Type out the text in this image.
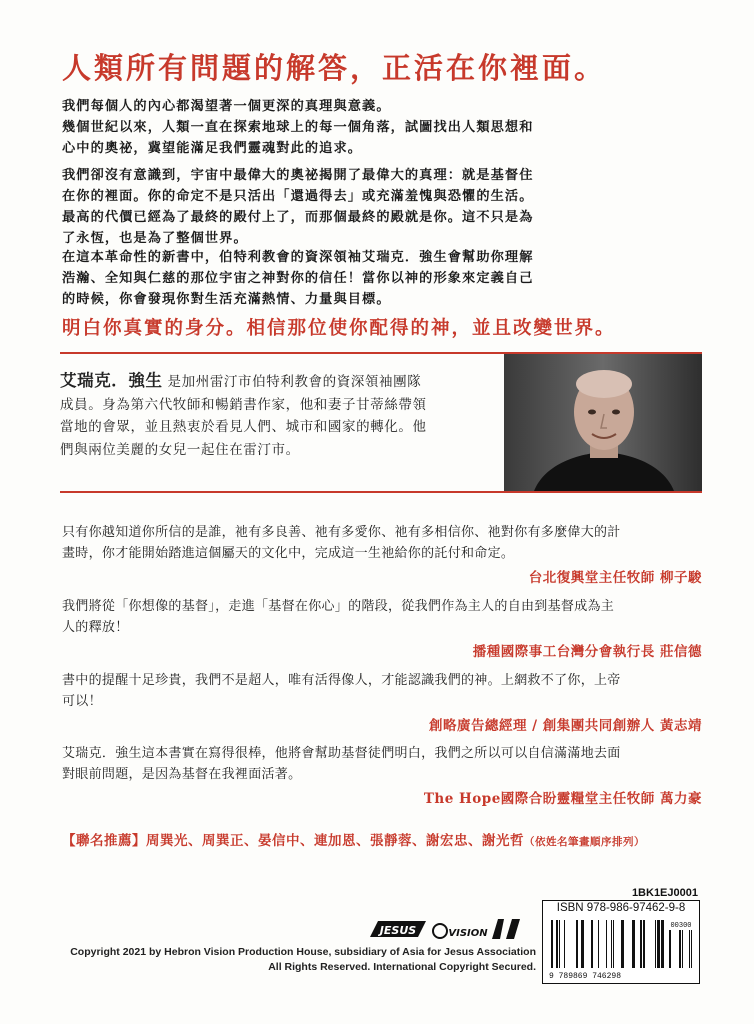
人類所有問題的解答，正活在你裡面。
我們每個人的內心都渴望著一個更深的真理與意義。
幾個世紀以來，人類一直在探索地球上的每一個角落，試圖找出人類思想和
心中的奧祕，冀望能滿足我們靈魂對此的追求。
我們卻沒有意識到，宇宙中最偉大的奧祕揭開了最偉大的真理：就是基督住
在你的裡面。你的命定不是只活出「還過得去」或充滿羞愧與恐懼的生活。
最高的代價已經為了最終的殿付上了，而那個最終的殿就是你。這不只是為
了永恆，也是為了整個世界。
在這本革命性的新書中，伯特利教會的資深領袖艾瑞克．強生會幫助你理解
浩瀚、全知與仁慈的那位宇宙之神對你的信任！當你以神的形象來定義自己
的時候，你會發現你對生活充滿熱情、力量與目標。
明白你真實的身分。相信那位使你配得的神，並且改變世界。
艾瑞克．強生 是加州雷汀市伯特利教會的資深領袖團隊
成員。身為第六代牧師和暢銷書作家，他和妻子甘蒂絲帶領
當地的會眾，並且熱衷於看見人們、城市和國家的轉化。他
們與兩位美麗的女兒一起住在雷汀市。
只有你越知道你所信的是誰，祂有多良善、祂有多愛你、祂有多相信你、祂對你有多麼偉大的計
畫時，你才能開始踏進這個屬天的文化中，完成這一生祂給你的託付和命定。
台北復興堂主任牧師 柳子駿
我們將從「你想像的基督」，走進「基督在你心」的階段，從我們作為主人的自由到基督成為主
人的釋放！
播種國際事工台灣分會執行長 莊信德
書中的提醒十足珍貴，我們不是超人，唯有活得像人，才能認識我們的神。上網救不了你，上帝
可以！
創略廣告總經理 / 創集團共同創辦人 黃志靖
艾瑞克．強生這本書實在寫得很棒，他將會幫助基督徒們明白，我們之所以可以自信滿滿地去面
對眼前問題，是因為基督在我裡面活著。
The Hope國際合盼靈糧堂主任牧師 萬力豪
【聯名推薦】周巽光、周巽正、晏信中、連加恩、張靜蓉、謝宏忠、謝光哲（依姓名筆畫順序排列）
1BK1EJ0001
JESUS	VISION
ISBN 978-986-97462-9-8
00300
9 789869 746298
Copyright 2021 by Hebron Vision Production House, subsidiary of Asia for Jesus Association
All Rights Reserved. International Copyright Secured.
